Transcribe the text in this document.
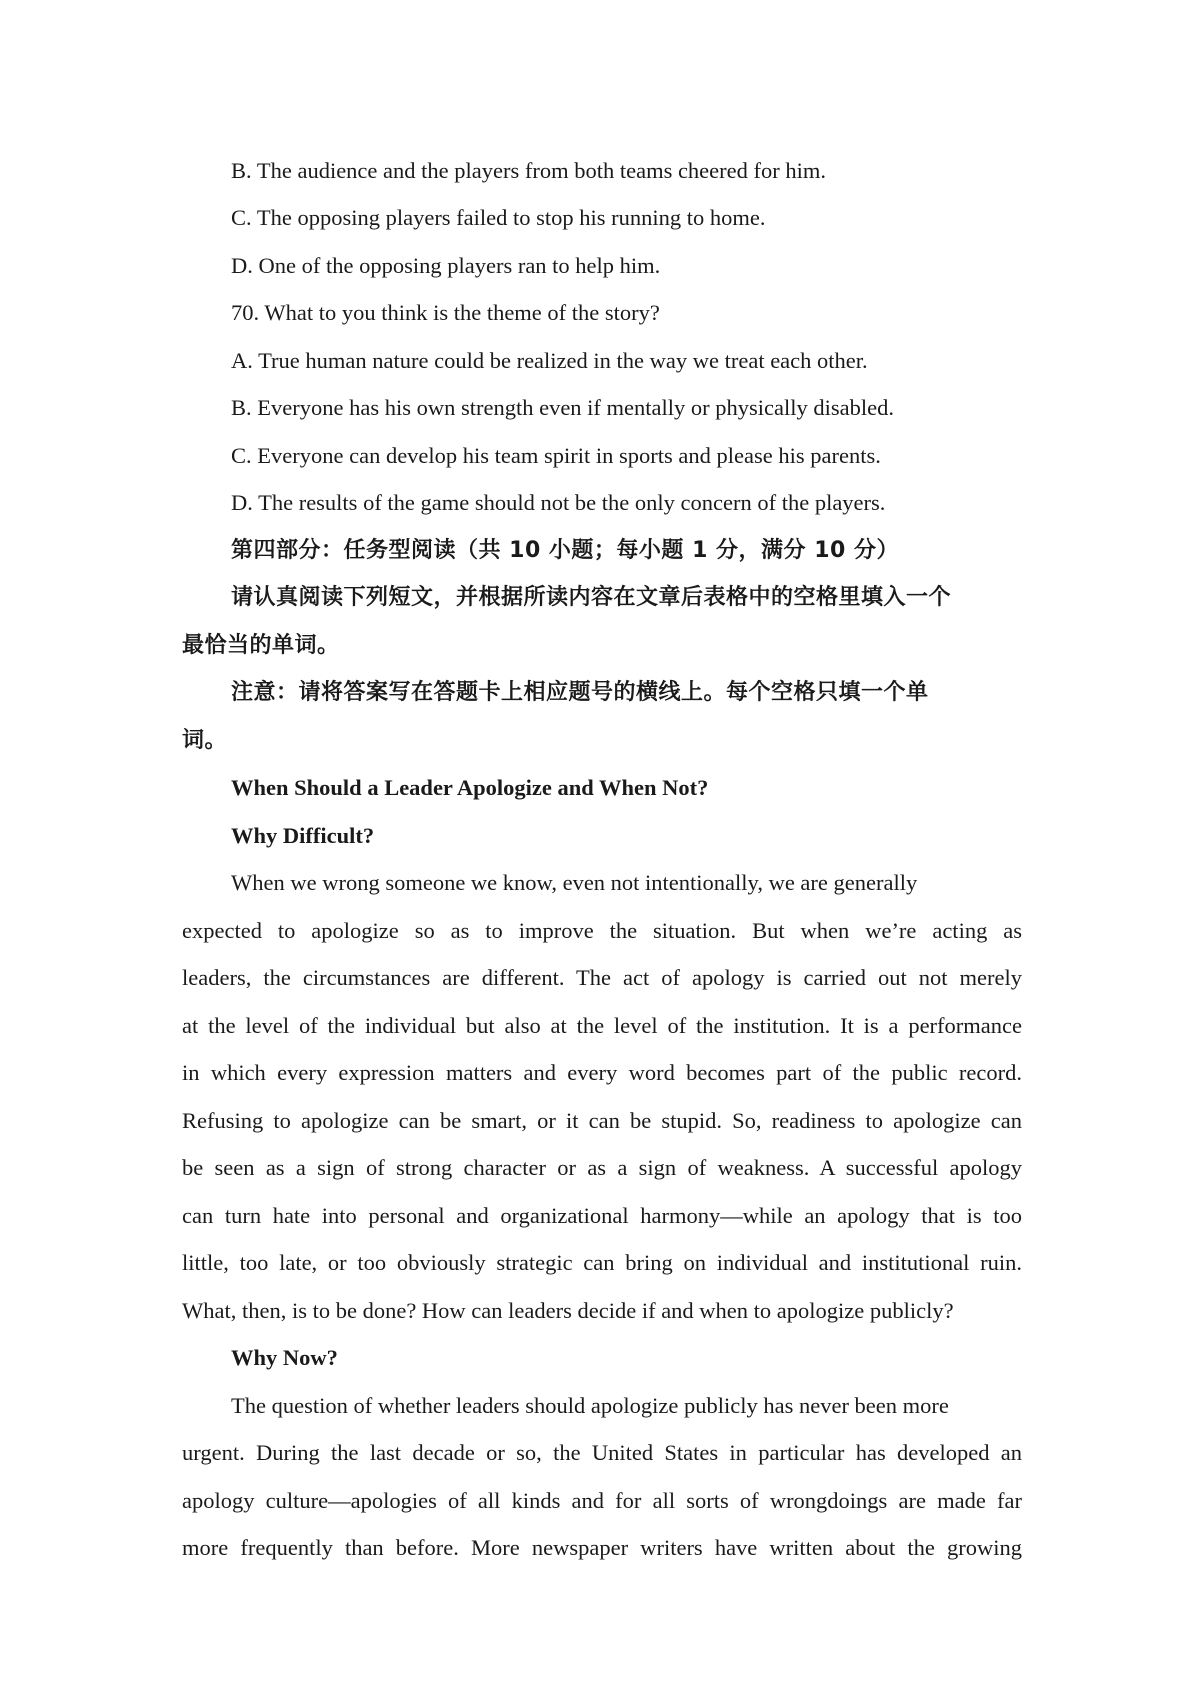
B. The audience and the players from both teams cheered for him.
C. The opposing players failed to stop his running to home.
D. One of the opposing players ran to help him.
70. What to you think is the theme of the story?
A. True human nature could be realized in the way we treat each other.
B. Everyone has his own strength even if mentally or physically disabled.
C. Everyone can develop his team spirit in sports and please his parents.
D. The results of the game should not be the only concern of the players.
第四部分：任务型阅读（共 10 小题；每小题 1 分，满分 10 分）
请认真阅读下列短文，并根据所读内容在文章后表格中的空格里填入一个
最恰当的单词。
注意：请将答案写在答题卡上相应题号的横线上。每个空格只填一个单
词。
When Should a Leader Apologize and When Not?
Why Difficult?
When we wrong someone we know, even not intentionally, we are generally
expected to apologize so as to improve the situation. But when we’re acting as
leaders, the circumstances are different. The act of apology is carried out not merely
at the level of the individual but also at the level of the institution. It is a performance
in which every expression matters and every word becomes part of the public record.
Refusing to apologize can be smart, or it can be stupid. So, readiness to apologize can
be seen as a sign of strong character or as a sign of weakness. A successful apology
can turn hate into personal and organizational harmony—while an apology that is too
little, too late, or too obviously strategic can bring on individual and institutional ruin.
What, then, is to be done? How can leaders decide if and when to apologize publicly?
Why Now?
The question of whether leaders should apologize publicly has never been more
urgent. During the last decade or so, the United States in particular has developed an
apology culture—apologies of all kinds and for all sorts of wrongdoings are made far
more frequently than before. More newspaper writers have written about the growing
